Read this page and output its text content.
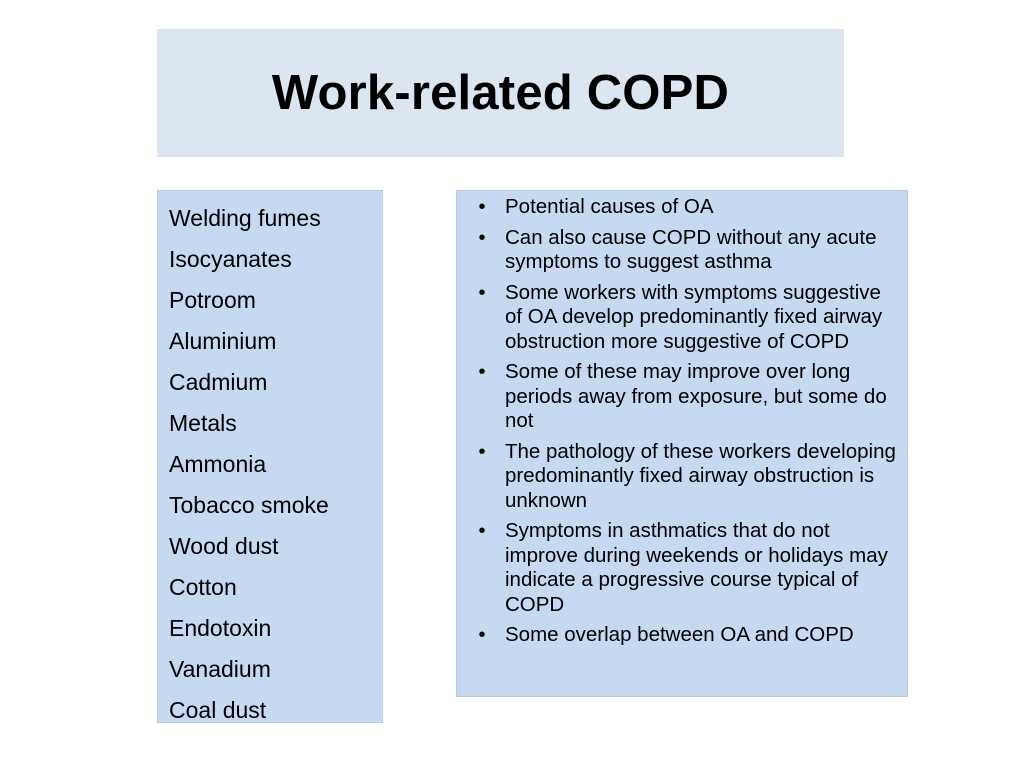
Work-related COPD
Welding fumes
Isocyanates
Potroom
Aluminium
Cadmium
Metals
Ammonia
Tobacco smoke
Wood dust
Cotton
Endotoxin
Vanadium
Coal dust
• Potential causes of OA
• Can also cause COPD without any acute symptoms to suggest asthma
• Some workers with symptoms suggestive of OA develop predominantly fixed airway obstruction more suggestive of COPD
• Some of these may improve over long periods away from exposure, but some do not
• The pathology of these workers developing predominantly fixed airway obstruction is unknown
• Symptoms in asthmatics that do not improve during weekends or holidays may indicate a progressive course typical of COPD
• Some overlap between OA and COPD
